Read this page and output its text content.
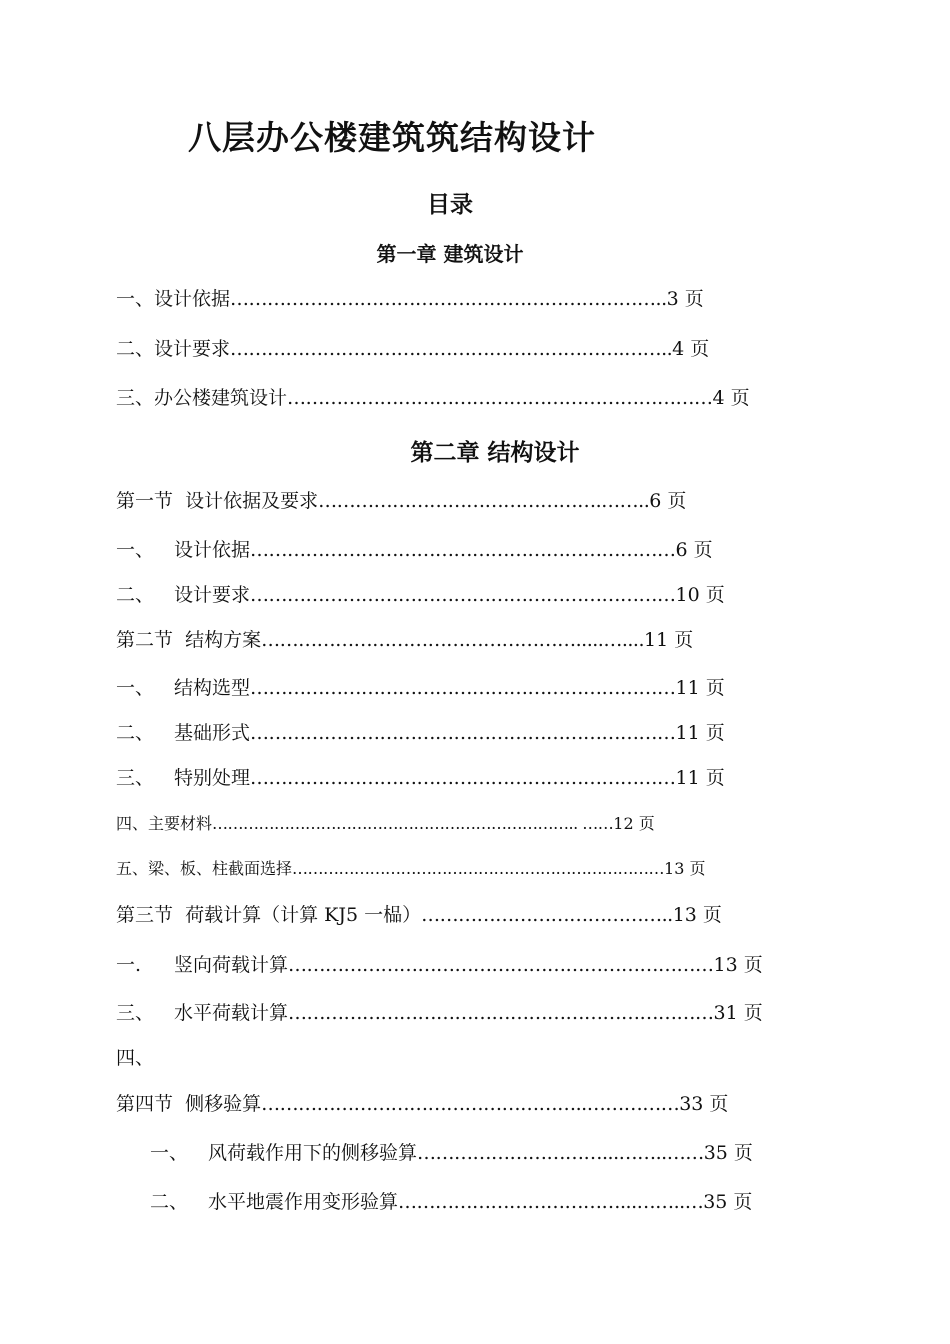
八层办公楼建筑筑结构设计
目录
第一章 建筑设计
一、设计依据……………………………………………………………..3 页
二、设计要求……………………………………………………….……..4 页
三、办公楼建筑设计……………………………………………………………4 页
第二章 结构设计
第一节 设计依据及要求……………………………………….……..6 页
一、 设计依据……………………………………………………………6 页
二、 设计要求……………………………………………………………10 页
第二节 结构方案…………………………………………….....…....11 页
一、 结构选型……………………………………………………………11 页
二、 基础形式……………………………………………………………11 页
三、 特别处理……………………………………………………………11 页
四、主要材料…………………………………………………………….. ……12 页
五、梁、板、柱截面选择………………………………………………………………13 页
第三节 荷载计算（计算 KJ5 一榀）…………………………………..13 页
一. 竖向荷载计算……………………………………………………………13 页
三、 水平荷载计算……………………………………………………………31 页
四、
第四节 侧移验算……………………………………………..……………33 页
一、 风荷载作用下的侧移验算…………………………...……..……35 页
二、 水平地震作用变形验算………………………………...……..…35 页
